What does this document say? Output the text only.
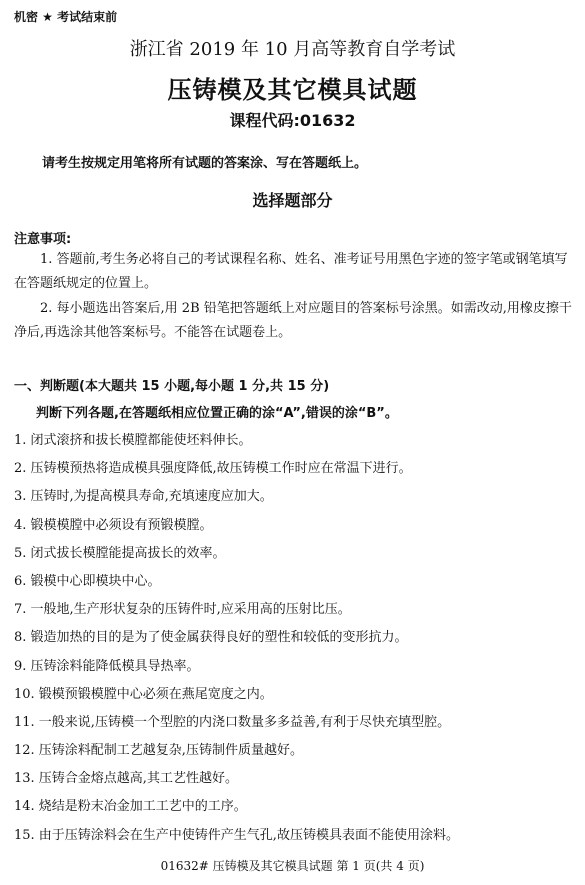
机密 ★ 考试结束前
浙江省 2019 年 10 月高等教育自学考试
压铸模及其它模具试题
课程代码:01632
请考生按规定用笔将所有试题的答案涂、写在答题纸上。
选择题部分
注意事项:
1. 答题前,考生务必将自己的考试课程名称、姓名、准考证号用黑色字迹的签字笔或钢笔填写在答题纸规定的位置上。
2. 每小题选出答案后,用 2B 铅笔把答题纸上对应题目的答案标号涂黑。如需改动,用橡皮擦干净后,再选涂其他答案标号。不能答在试题卷上。
一、判断题(本大题共 15 小题,每小题 1 分,共 15 分)
判断下列各题,在答题纸相应位置正确的涂“A”,错误的涂“B”。
1. 闭式滚挤和拔长模膛都能使坯料伸长。
2. 压铸模预热将造成模具强度降低,故压铸模工作时应在常温下进行。
3. 压铸时,为提高模具寿命,充填速度应加大。
4. 锻模模膛中必须设有预锻模膛。
5. 闭式拔长模膛能提高拔长的效率。
6. 锻模中心即模块中心。
7. 一般地,生产形状复杂的压铸件时,应采用高的压射比压。
8. 锻造加热的目的是为了使金属获得良好的塑性和较低的变形抗力。
9. 压铸涂料能降低模具导热率。
10. 锻模预锻模膛中心必须在燕尾宽度之内。
11. 一般来说,压铸模一个型腔的内浇口数量多多益善,有利于尽快充填型腔。
12. 压铸涂料配制工艺越复杂,压铸制件质量越好。
13. 压铸合金熔点越高,其工艺性越好。
14. 烧结是粉末冶金加工工艺中的工序。
15. 由于压铸涂料会在生产中使铸件产生气孔,故压铸模具表面不能使用涂料。
01632# 压铸模及其它模具试题 第 1 页(共 4 页)
